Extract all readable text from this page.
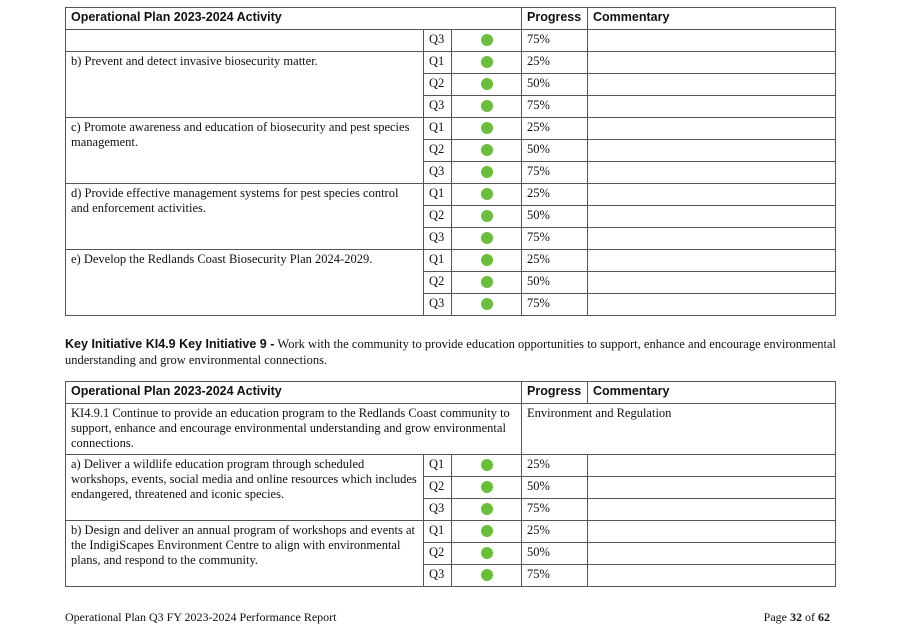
Operational Plan 2023-2024 Activity			Progress	Commentary
	Q3		75%	
b) Prevent and detect invasive biosecurity matter.	Q1		25%	
	Q2		50%	
	Q3		75%	
c) Promote awareness and education of biosecurity and pest species management.	Q1		25%	
	Q2		50%	
	Q3		75%	
d) Provide effective management systems for pest species control and enforcement activities.	Q1		25%	
	Q2		50%	
	Q3		75%	
e) Develop the Redlands Coast Biosecurity Plan 2024-2029.	Q1		25%	
	Q2		50%	
	Q3		75%	
Key Initiative KI4.9 Key Initiative 9 - Work with the community to provide education opportunities to support, enhance and encourage environmental understanding and grow environmental connections.
Operational Plan 2023-2024 Activity			Progress	Commentary
KI4.9.1 Continue to provide an education program to the Redlands Coast community to support, enhance and encourage environmental understanding and grow environmental connections.			Environment and Regulation	
a) Deliver a wildlife education program through scheduled workshops, events, social media and online resources which includes endangered, threatened and iconic species.	Q1		25%	
	Q2		50%	
	Q3		75%	
b) Design and deliver an annual program of workshops and events at the IndigiScapes Environment Centre to align with environmental plans, and respond to the community.	Q1		25%	
	Q2		50%	
	Q3		75%	
Operational Plan Q3 FY 2023-2024 Performance Report	Page 32 of 62
